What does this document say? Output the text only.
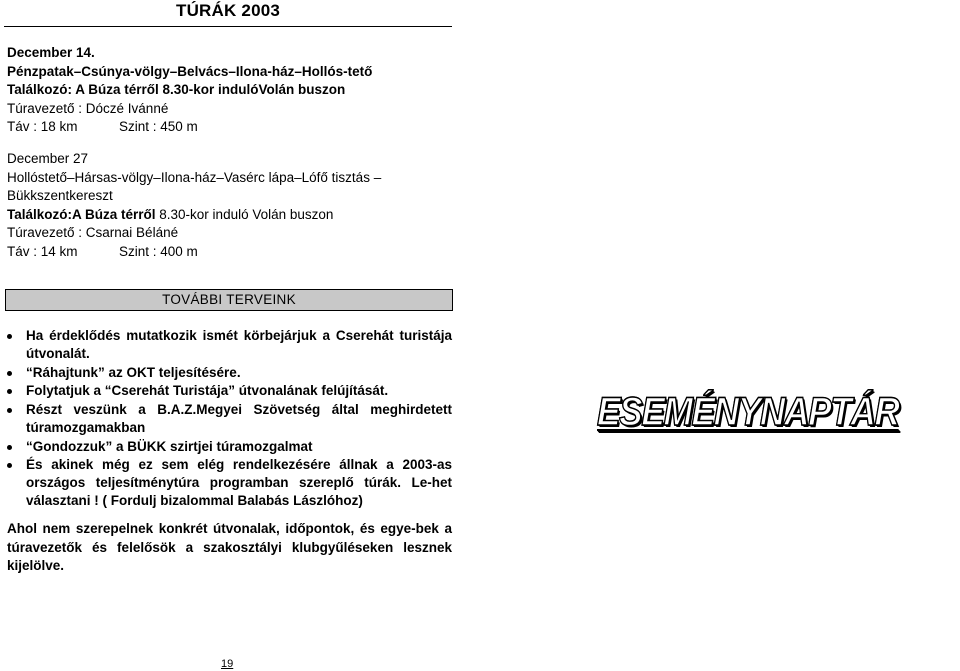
TÚRÁK 2003
December 14.
Pénzpatak–Csúnya-völgy–Belvács–Ilona-ház–Hollós-tető
Találkozó: A Búza térről 8.30-kor indulóVolán buszon
Túravezető : Dóczé Ivánné
Táv : 18 km	Szint : 450 m
December 27
Hollóstető–Hársas-völgy–Ilona-ház–Vasérc lápa–Lófő tisztás –
Bükkszentkereszt
Találkozó:A Búza térről 8.30-kor induló Volán buszon
Túravezető : Csarnai Béláné
Táv : 14 km	Szint : 400 m
TOVÁBBI TERVEINK
Ha érdeklődés mutatkozik ismét körbejárjuk a Cserehát turistája útvonalát.
“Ráhajtunk” az OKT teljesítésére.
Folytatjuk a “Cserehát Turistája” útvonalának felújítását.
Részt veszünk a B.A.Z.Megyei Szövetség által meghirdetett túramozgamakban
“Gondozzuk” a BÜKK szirtjei túramozgalmat
És akinek még ez sem elég rendelkezésére állnak a 2003-as országos teljesítménytúra programban szereplő túrák. Le-het választani ! ( Fordulj bizalommal Balabás Lászlóhoz)
Ahol nem szerepelnek konkrét útvonalak, időpontok, és egye-bek a túravezetők és felelősök a szakosztályi klubgyűléseken lesznek kijelölve.
ESEMÉNYNAPTÁR
19
